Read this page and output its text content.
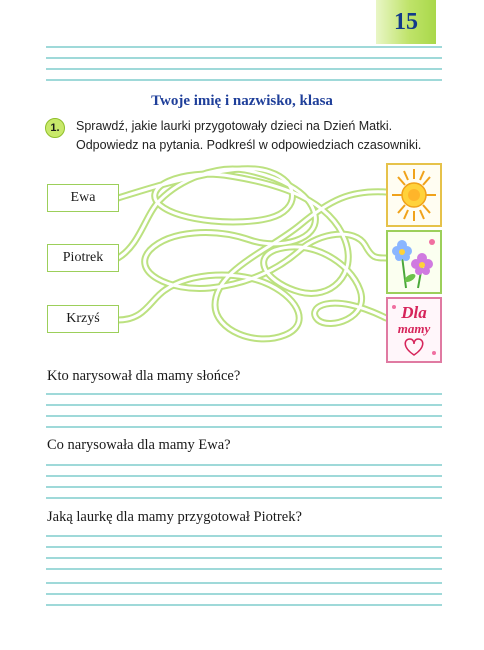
15
Twoje imię i nazwisko, klasa
1. Sprawdź, jakie laurki przygotowały dzieci na Dzień Matki.
Odpowiedz na pytania. Podkreśl w odpowiedziach czasowniki.
Ewa
Piotrek
Krzyś	Dla
mamy
Kto narysował dla mamy słońce?
Co narysowała dla mamy Ewa?
Jaką laurkę dla mamy przygotował Piotrek?
